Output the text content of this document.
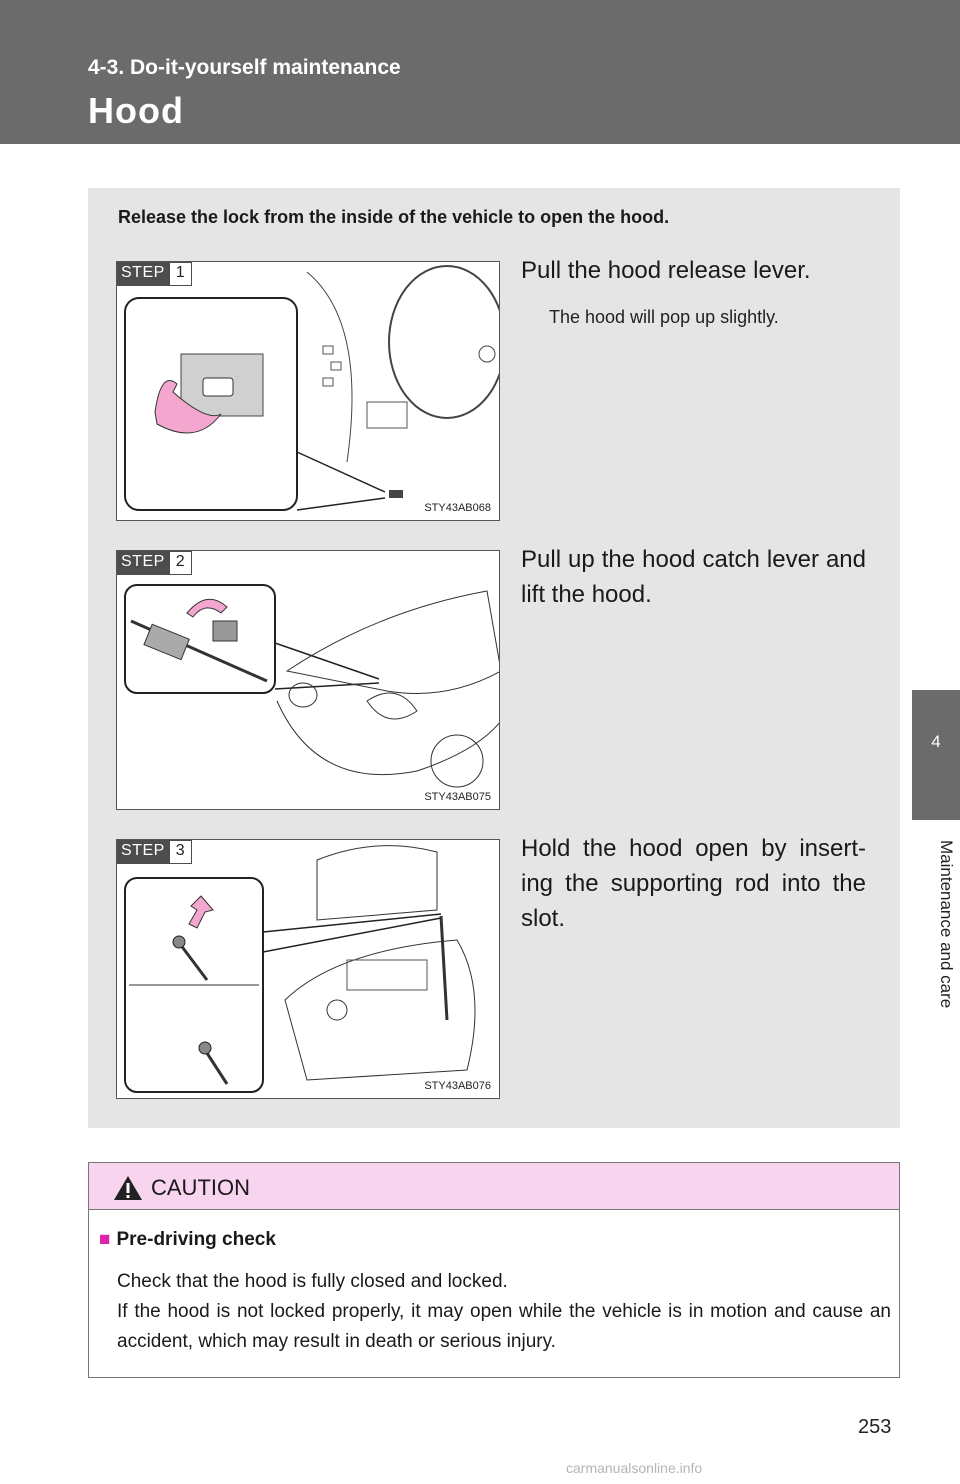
4-3. Do-it-yourself maintenance
Hood
4
Maintenance and care
Release the lock from the inside of the vehicle to open the hood.
STEP 1
STY43AB068
Pull the hood release lever.
The hood will pop up slightly.
STEP 2
STY43AB075
Pull up the hood catch lever and lift the hood.
STEP 3
STY43AB076
Hold the hood open by insert-ing the supporting rod into the slot.
CAUTION
■ Pre-driving check

Check that the hood is fully closed and locked.

If the hood is not locked properly, it may open while the vehicle is in motion and cause an accident, which may result in death or serious injury.

253
carmanualsonline.info
